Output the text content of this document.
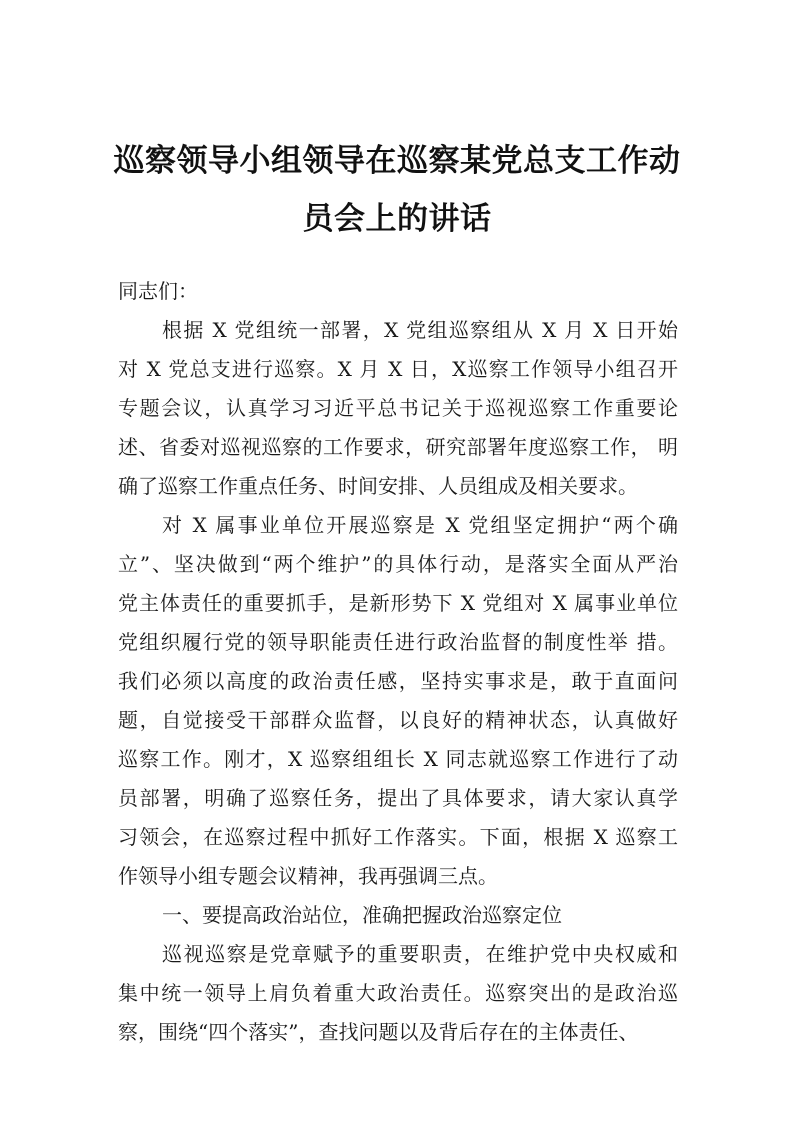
巡察领导小组领导在巡察某党总支工作动
员会上的讲话
同志们：
根据 X 党组统一部署，X 党组巡察组从 X 月 X 日开始
对 X 党总支进行巡察。X 月 X 日，X巡察工作领导小组召开
专题会议，认真学习习近平总书记关于巡视巡察工作重要论
述、省委对巡视巡察的工作要求，研究部署年度巡察工作， 明
确了巡察工作重点任务、时间安排、人员组成及相关要求。
对 X 属事业单位开展巡察是 X 党组坚定拥护“两个确
立”、坚决做到“两个维护”的具体行动，是落实全面从严治
党主体责任的重要抓手，是新形势下 X 党组对 X 属事业单位
党组织履行党的领导职能责任进行政治监督的制度性举 措。
我们必须以高度的政治责任感，坚持实事求是，敢于直面问
题，自觉接受干部群众监督，以良好的精神状态，认真做好
巡察工作。刚才，X 巡察组组长 X 同志就巡察工作进行了动
员部署，明确了巡察任务，提出了具体要求，请大家认真学
习领会，在巡察过程中抓好工作落实。下面，根据 X 巡察工
作领导小组专题会议精神，我再强调三点。
一、要提高政治站位，准确把握政治巡察定位
巡视巡察是党章赋予的重要职责，在维护党中央权威和
集中统一领导上肩负着重大政治责任。巡察突出的是政治巡
察，围绕“四个落实”，查找问题以及背后存在的主体责任、
